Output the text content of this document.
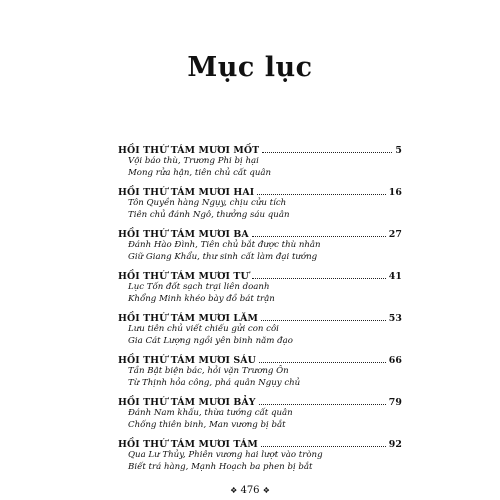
Mục lục
HỒI THỨ TÁM MƯƠI MỐT	5
Vội báo thù, Trương Phi bị hại
Mong rửa hận, tiên chủ cất quân
HỒI THỨ TÁM MƯƠI HAI	16
Tôn Quyền hàng Ngụy, chịu cửu tích
Tiên chủ đánh Ngô, thưởng sáu quân
HỒI THỨ TÁM MƯƠI BA	27
Đánh Hào Đình, Tiên chủ bắt được thù nhân
Giữ Giang Khẩu, thư sinh cất làm đại tướng
HỒI THỨ TÁM MƯƠI TƯ	41
Lục Tốn đốt sạch trại liên doanh
Khổng Minh khéo bày đồ bát trận
HỒI THỨ TÁM MƯƠI LĂM	53
Lưu tiên chủ viết chiếu gửi con côi
Gia Cát Lượng ngồi yên binh năm đạo
HỒI THỨ TÁM MƯƠI SÁU	66
Tần Bật biện bác, hỏi vặn Trương Ôn
Từ Thịnh hỏa công, phá quân Ngụy chủ
HỒI THỨ TÁM MƯƠI BẢY	79
Đánh Nam khấu, thừa tướng cất quân
Chống thiên binh, Man vương bị bắt
HỒI THỨ TÁM MƯƠI TÁM	92
Qua Lư Thủy, Phiên vương hai lượt vào tròng
Biết trá hàng, Mạnh Hoạch ba phen bị bắt
❖ 476 ❖
